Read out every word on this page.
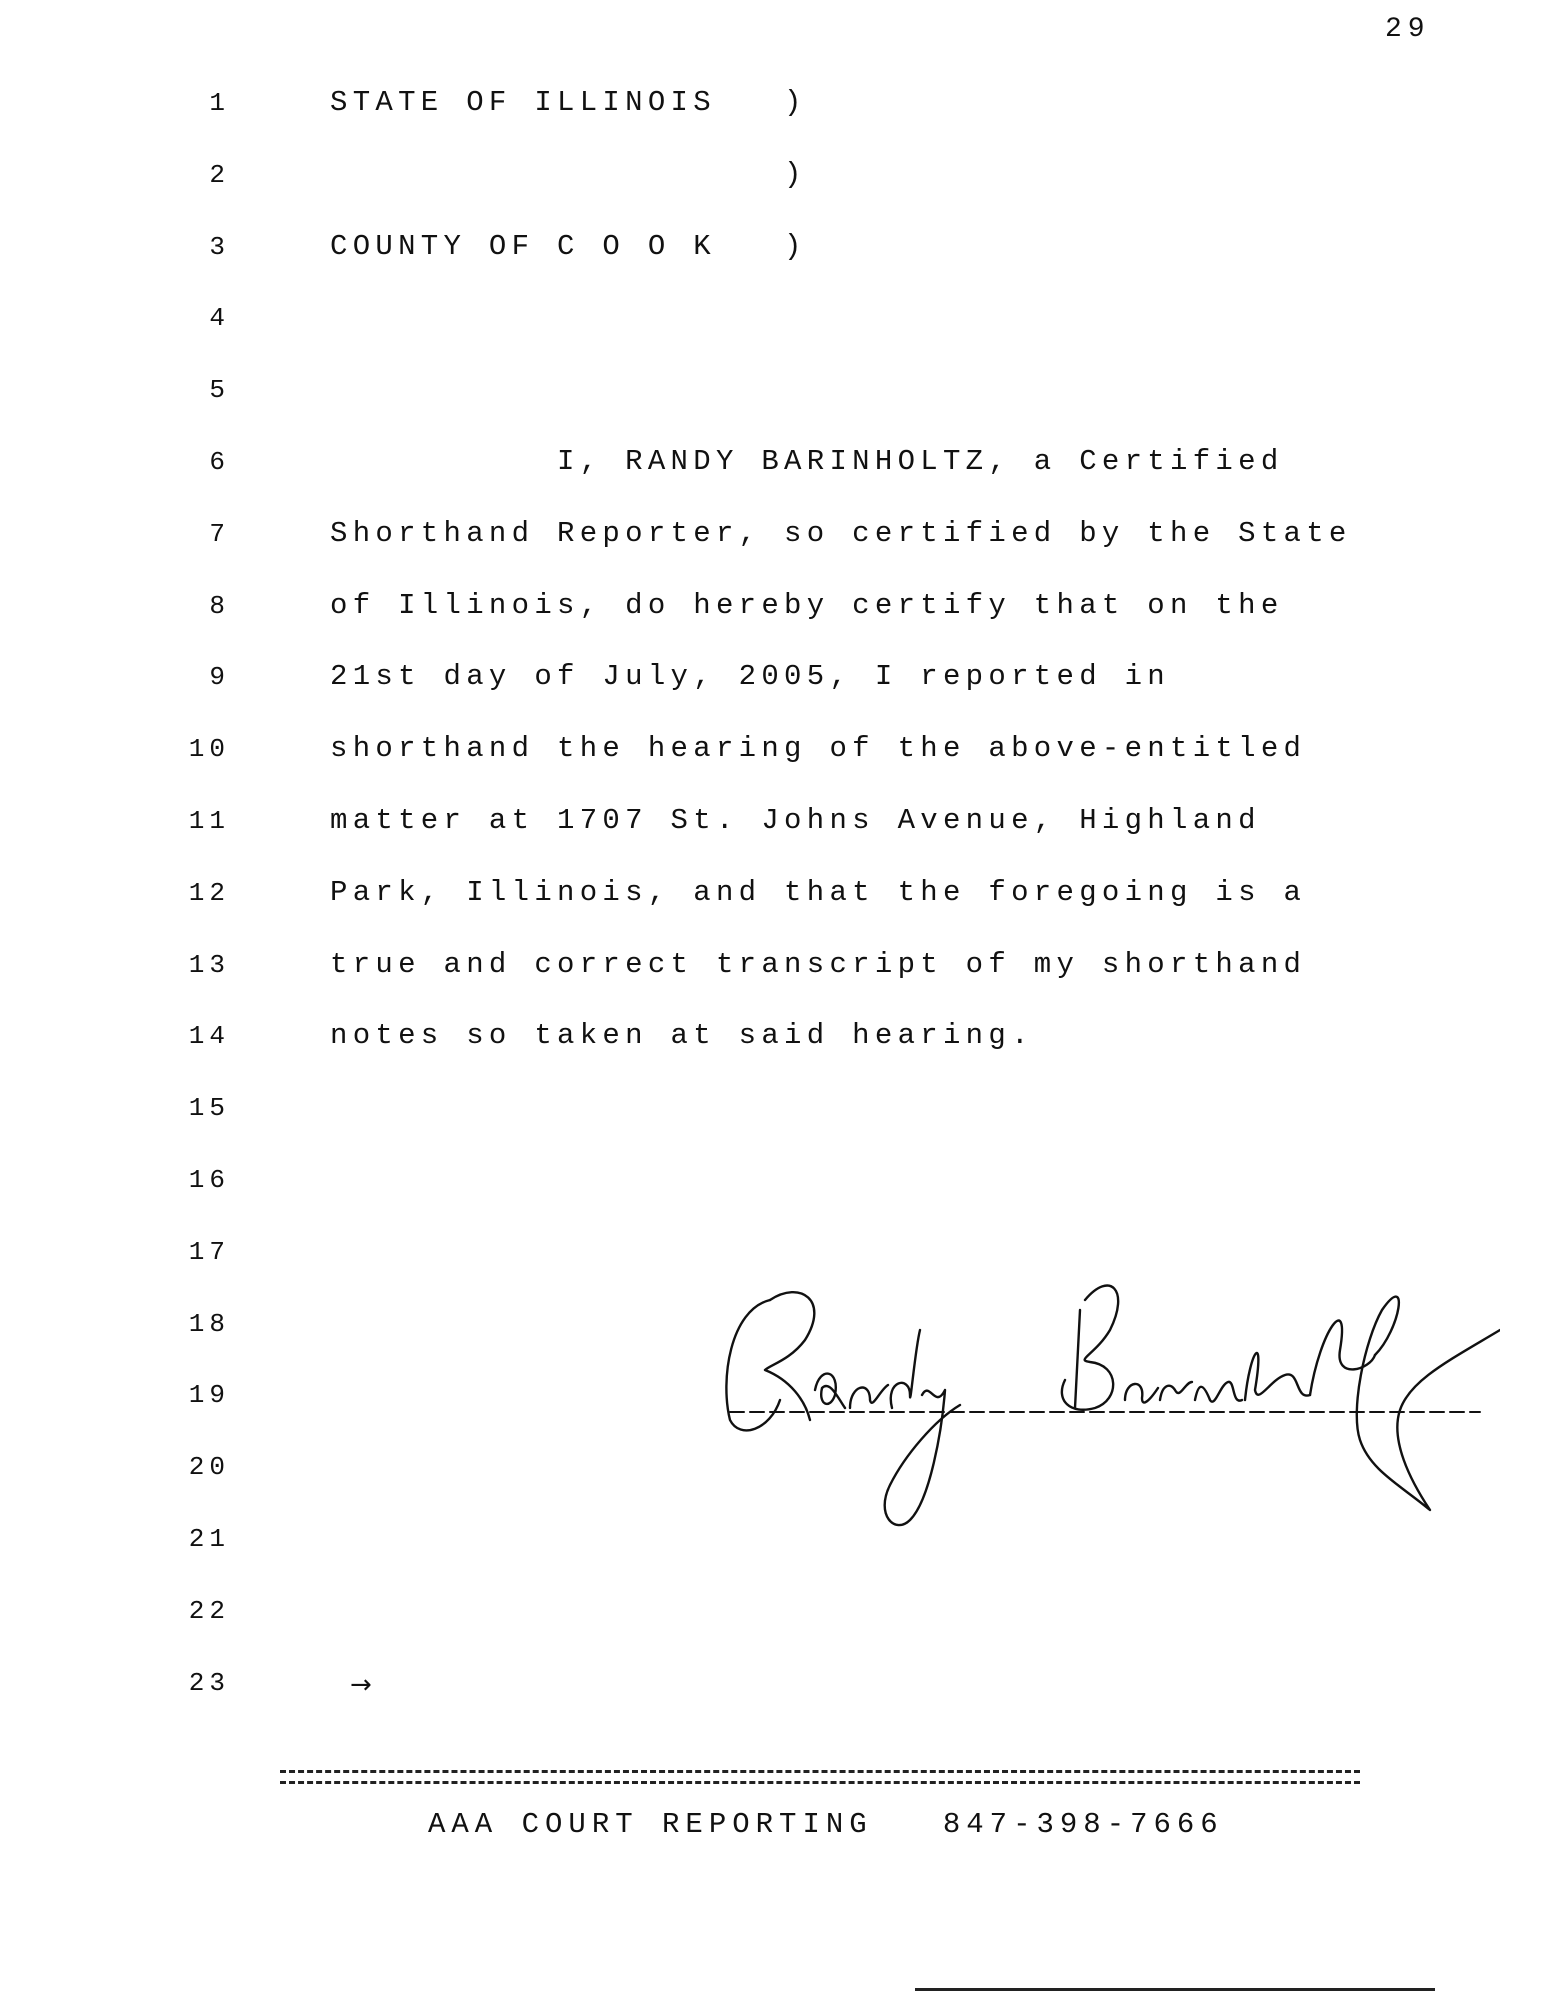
29
1	STATE OF ILLINOIS   )
2	)
3	COUNTY OF C O O K   )
4
5
6	I, RANDY BARINHOLTZ, a Certified
7	Shorthand Reporter, so certified by the State
8	of Illinois, do hereby certify that on the
9	21st day of July, 2005, I reported in
10	shorthand the hearing of the above-entitled
11	matter at 1707 St. Johns Avenue, Highland
12	Park, Illinois, and that the foregoing is a
13	true and correct transcript of my shorthand
14	notes so taken at said hearing.
15
16
17
18
19
20
21
22
23	→
AAA COURT REPORTING 847-398-7666
